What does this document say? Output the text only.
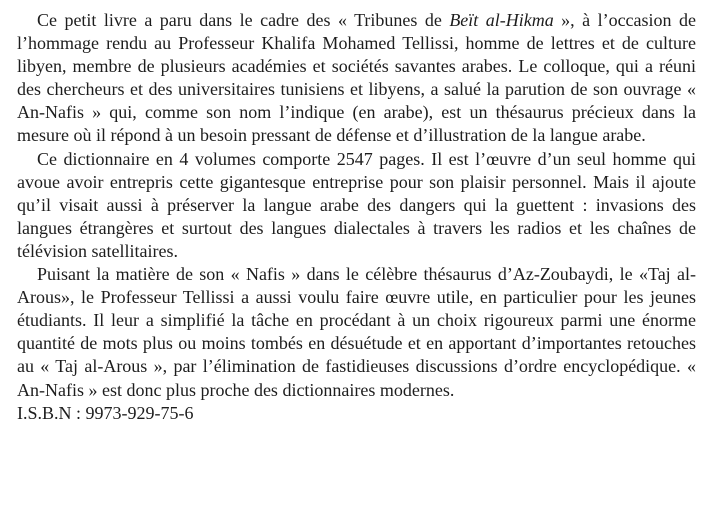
Ce petit livre a paru dans le cadre des « Tribunes de Beït al-Hikma », à l’occasion de l’hommage rendu au Professeur Khalifa Mohamed Tellissi, homme de lettres et de culture libyen, membre de plusieurs académies et sociétés savantes arabes. Le colloque, qui a réuni des chercheurs et des universitaires tunisiens et libyens, a salué la parution de son ouvrage « An-Nafis » qui, comme son nom l’indique (en arabe), est un thésaurus précieux dans la mesure où il répond à un besoin pressant de défense et d’illustration de la langue arabe.

Ce dictionnaire en 4 volumes comporte 2547 pages. Il est l’œuvre d’un seul homme qui avoue avoir entrepris cette gigantesque entreprise pour son plaisir personnel. Mais il ajoute qu’il visait aussi à préserver la langue arabe des dangers qui la guettent : invasions des langues étrangères et surtout des langues dialectales à travers les radios et les chaînes de télévision satellitaires.

Puisant la matière de son « Nafis » dans le célèbre thésaurus d’Az-Zoubaydi, le «Taj al-Arous», le Professeur Tellissi a aussi voulu faire œuvre utile, en particulier pour les jeunes étudiants. Il leur a simplifié la tâche en procédant à un choix rigoureux parmi une énorme quantité de mots plus ou moins tombés en désuétude et en apportant d’importantes retouches au « Taj al-Arous », par l’élimination de fastidieuses discussions d’ordre encyclopédique. « An-Nafis » est donc plus proche des dictionnaires modernes.

I.S.B.N : 9973-929-75-6
